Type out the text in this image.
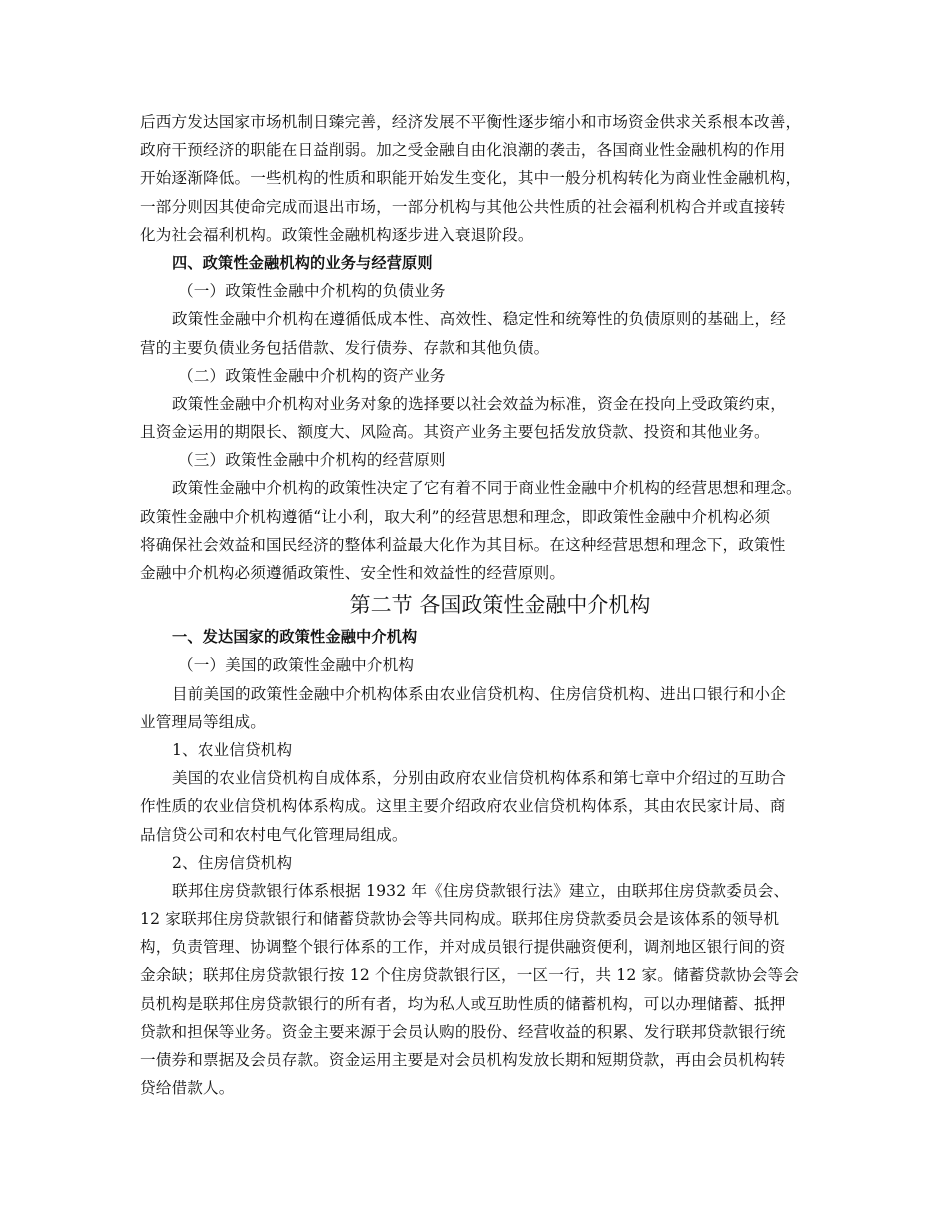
后西方发达国家市场机制日臻完善，经济发展不平衡性逐步缩小和市场资金供求关系根本改善，
政府干预经济的职能在日益削弱。加之受金融自由化浪潮的袭击，各国商业性金融机构的作用
开始逐渐降低。一些机构的性质和职能开始发生变化，其中一般分机构转化为商业性金融机构，
一部分则因其使命完成而退出市场，一部分机构与其他公共性质的社会福利机构合并或直接转
化为社会福利机构。政策性金融机构逐步进入衰退阶段。
四、政策性金融机构的业务与经营原则
（一）政策性金融中介机构的负债业务
政策性金融中介机构在遵循低成本性、高效性、稳定性和统筹性的负债原则的基础上，经
营的主要负债业务包括借款、发行债券、存款和其他负债。
（二）政策性金融中介机构的资产业务
政策性金融中介机构对业务对象的选择要以社会效益为标准，资金在投向上受政策约束，
且资金运用的期限长、额度大、风险高。其资产业务主要包括发放贷款、投资和其他业务。
（三）政策性金融中介机构的经营原则
政策性金融中介机构的政策性决定了它有着不同于商业性金融中介机构的经营思想和理念。
政策性金融中介机构遵循“让小利，取大利”的经营思想和理念，即政策性金融中介机构必须
将确保社会效益和国民经济的整体利益最大化作为其目标。在这种经营思想和理念下，政策性
金融中介机构必须遵循政策性、安全性和效益性的经营原则。
第二节 各国政策性金融中介机构
一、发达国家的政策性金融中介机构
（一）美国的政策性金融中介机构
目前美国的政策性金融中介机构体系由农业信贷机构、住房信贷机构、进出口银行和小企
业管理局等组成。
1、农业信贷机构
美国的农业信贷机构自成体系，分别由政府农业信贷机构体系和第七章中介绍过的互助合
作性质的农业信贷机构体系构成。这里主要介绍政府农业信贷机构体系，其由农民家计局、商
品信贷公司和农村电气化管理局组成。
2、住房信贷机构
联邦住房贷款银行体系根据 1932 年《住房贷款银行法》建立，由联邦住房贷款委员会、
12 家联邦住房贷款银行和储蓄贷款协会等共同构成。联邦住房贷款委员会是该体系的领导机
构，负责管理、协调整个银行体系的工作，并对成员银行提供融资便利，调剂地区银行间的资
金余缺；联邦住房贷款银行按 12 个住房贷款银行区，一区一行，共 12 家。储蓄贷款协会等会
员机构是联邦住房贷款银行的所有者，均为私人或互助性质的储蓄机构，可以办理储蓄、抵押
贷款和担保等业务。资金主要来源于会员认购的股份、经营收益的积累、发行联邦贷款银行统
一债券和票据及会员存款。资金运用主要是对会员机构发放长期和短期贷款，再由会员机构转
贷给借款人。
